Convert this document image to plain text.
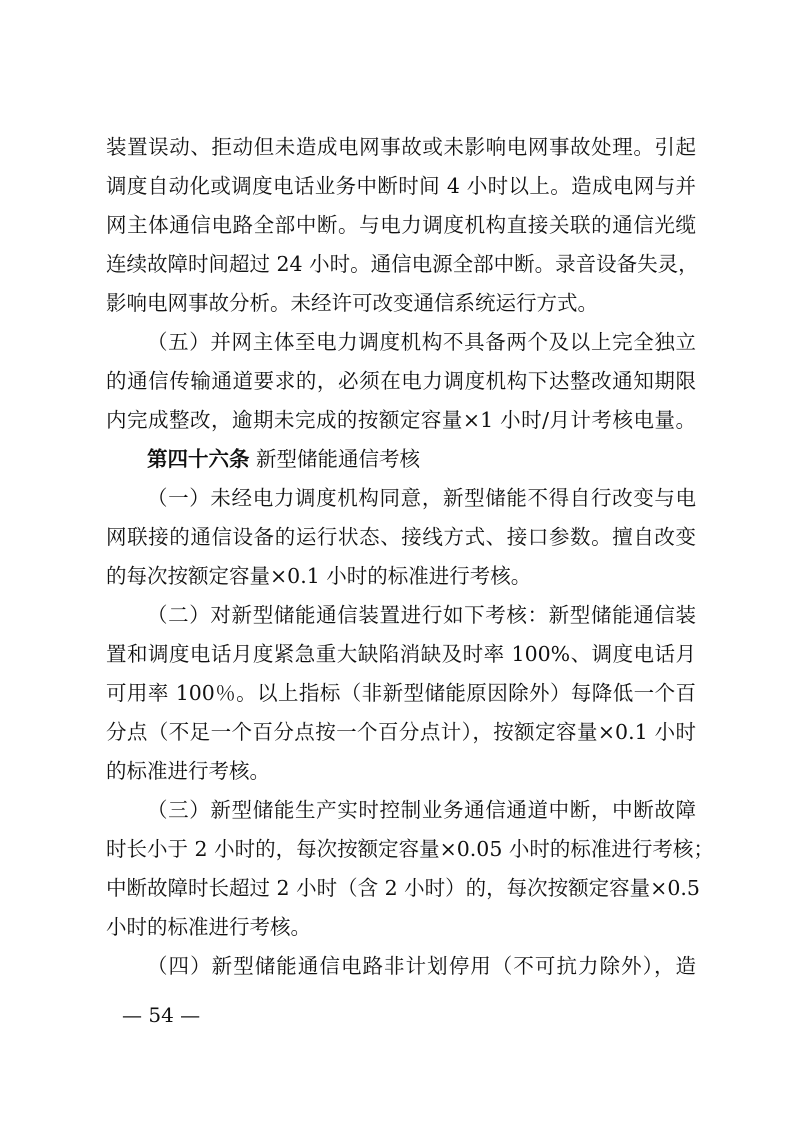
装置误动、拒动但未造成电网事故或未影响电网事故处理。引起
调度自动化或调度电话业务中断时间 4 小时以上。造成电网与并
网主体通信电路全部中断。与电力调度机构直接关联的通信光缆
连续故障时间超过 24 小时。通信电源全部中断。录音设备失灵，
影响电网事故分析。未经许可改变通信系统运行方式。
（五）并网主体至电力调度机构不具备两个及以上完全独立
的通信传输通道要求的，必须在电力调度机构下达整改通知期限
内完成整改，逾期未完成的按额定容量×1 小时/月计考核电量。
第四十六条 新型储能通信考核
（一）未经电力调度机构同意，新型储能不得自行改变与电
网联接的通信设备的运行状态、接线方式、接口参数。擅自改变
的每次按额定容量×0.1 小时的标准进行考核。
（二）对新型储能通信装置进行如下考核：新型储能通信装
置和调度电话月度紧急重大缺陷消缺及时率 100%、调度电话月
可用率 100％。以上指标（非新型储能原因除外）每降低一个百
分点（不足一个百分点按一个百分点计），按额定容量×0.1 小时
的标准进行考核。
（三）新型储能生产实时控制业务通信通道中断，中断故障
时长小于 2 小时的，每次按额定容量×0.05 小时的标准进行考核；
中断故障时长超过 2 小时（含 2 小时）的，每次按额定容量×0.5
小时的标准进行考核。
（四）新型储能通信电路非计划停用（不可抗力除外），造
— 54 —
